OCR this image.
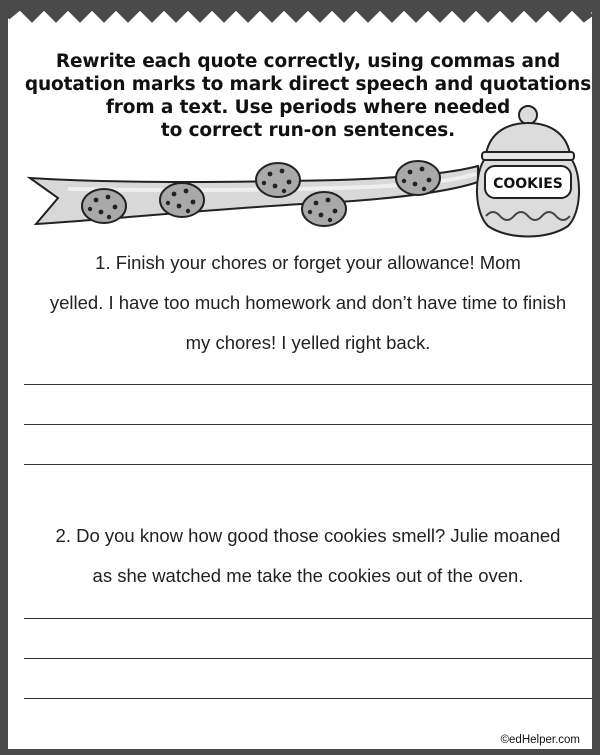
Rewrite each quote correctly, using commas and
quotation marks to mark direct speech and quotations
from a text. Use periods where needed
to correct run-on sentences.
COOKIES
1. Finish your chores or forget your allowance! Mom
yelled. I have too much homework and don’t have time to finish
my chores! I yelled right back.
2. Do you know how good those cookies smell? Julie moaned
as she watched me take the cookies out of the oven.
©edHelper.com
